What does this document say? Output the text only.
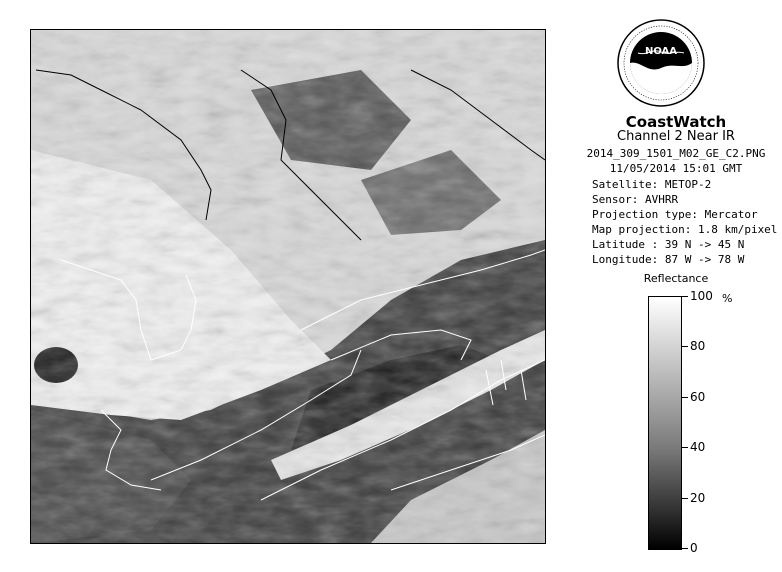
NOAA
CoastWatch
Channel 2 Near IR
2014_309_1501_M02_GE_C2.PNG
11/05/2014 15:01 GMT
Satellite: METOP-2
Sensor: AVHRR
Projection type: Mercator
Map projection: 1.8 km/pixel
Latitude : 39 N -> 45 N
Longitude: 87 W -> 78 W
Reflectance
%
100
80
60
40
20
0
